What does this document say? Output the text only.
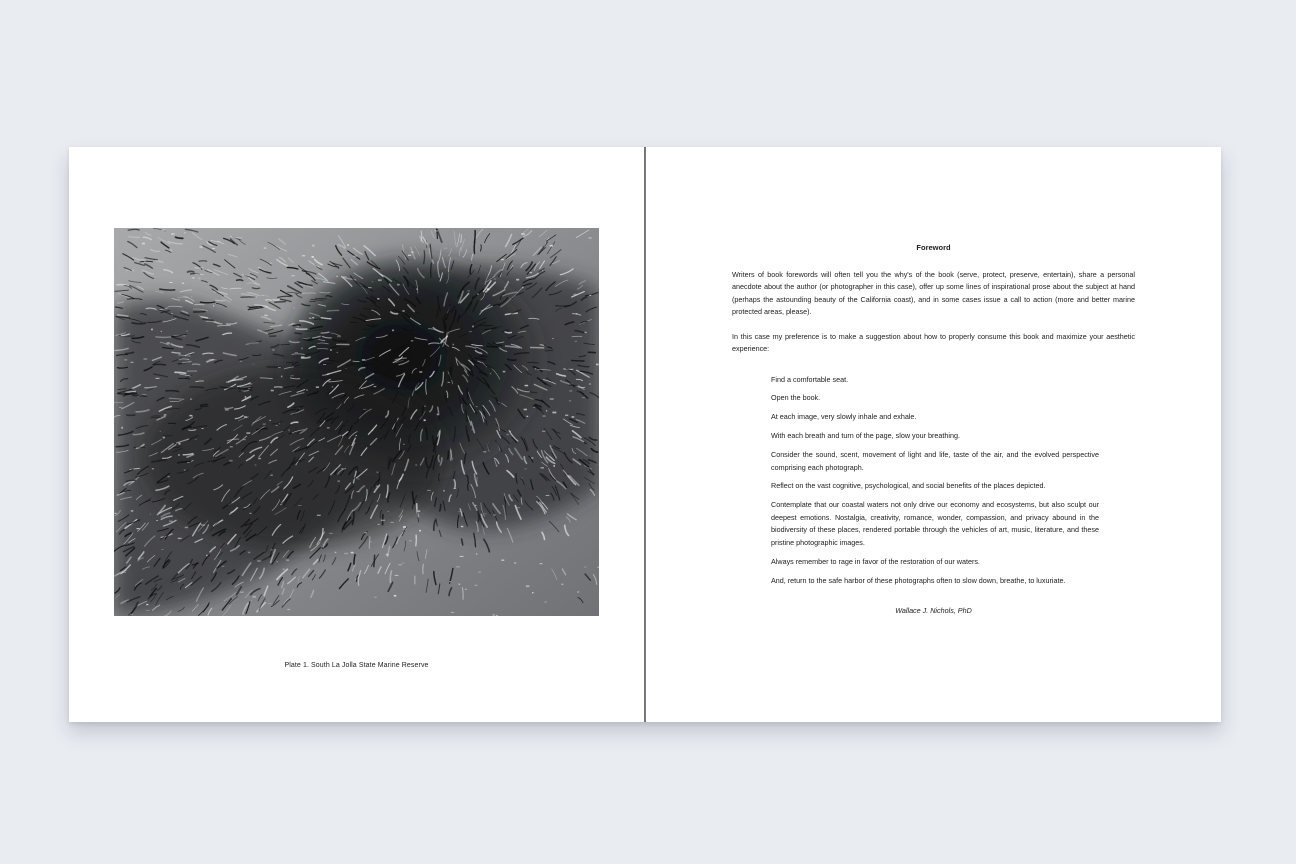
Plate 1. South La Jolla State Marine Reserve
Foreword

Writers of book forewords will often tell you the why's of the book (serve, protect, preserve, entertain), share a personal anecdote about the author (or photographer in this case), offer up some lines of inspirational prose about the subject at hand (perhaps the astounding beauty of the California coast), and in some cases issue a call to action (more and better marine protected areas, please).

In this case my preference is to make a suggestion about how to properly consume this book and maximize your aesthetic experience:

Find a comfortable seat.
Open the book.
At each image, very slowly inhale and exhale.
With each breath and turn of the page, slow your breathing.
Consider the sound, scent, movement of light and life, taste of the air, and the evolved perspective comprising each photograph.
Reflect on the vast cognitive, psychological, and social benefits of the places depicted.
Contemplate that our coastal waters not only drive our economy and ecosystems, but also sculpt our deepest emotions. Nostalgia, creativity, romance, wonder, compassion, and privacy abound in the biodiversity of these places, rendered portable through the vehicles of art, music, literature, and these pristine photographic images.
Always remember to rage in favor of the restoration of our waters.
And, return to the safe harbor of these photographs often to slow down, breathe, to luxuriate.
Wallace J. Nichols, PhD
